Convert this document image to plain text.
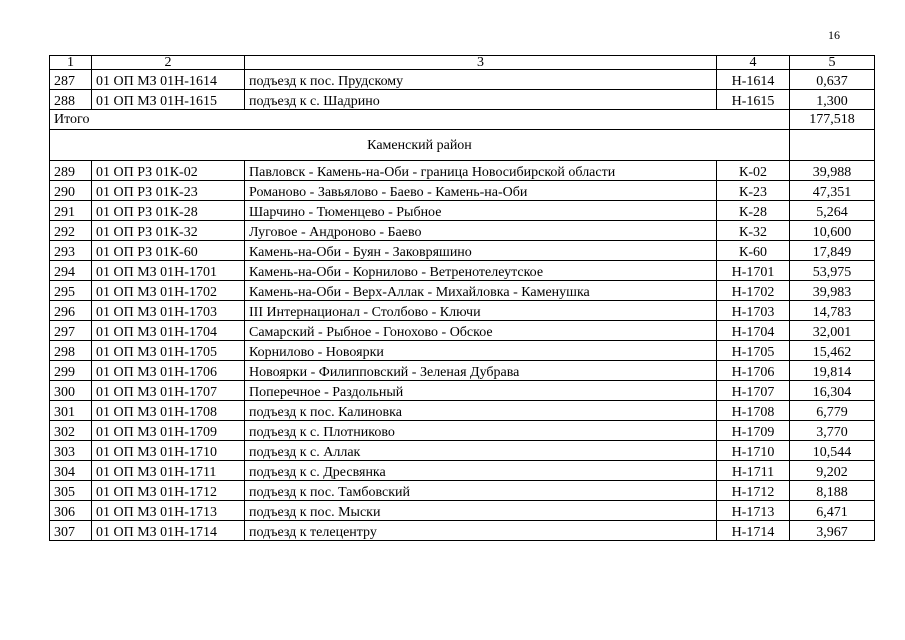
16
1	2	3	4	5
287	01 ОП МЗ 01Н-1614	подъезд к пос. Прудскому	Н-1614	0,637
288	01 ОП МЗ 01Н-1615	подъезд к с. Шадрино	Н-1615	1,300
Итого				177,518
Каменский район				
289	01 ОП РЗ 01К-02	Павловск - Камень-на-Оби - граница Новосибирской области	К-02	39,988
290	01 ОП РЗ 01К-23	Романово - Завьялово - Баево - Камень-на-Оби	К-23	47,351
291	01 ОП РЗ 01К-28	Шарчино - Тюменцево - Рыбное	К-28	5,264
292	01 ОП РЗ 01К-32	Луговое - Андроново - Баево	К-32	10,600
293	01 ОП РЗ 01К-60	Камень-на-Оби - Буян - Заковряшино	К-60	17,849
294	01 ОП МЗ 01Н-1701	Камень-на-Оби - Корнилово - Ветренотелеутское	Н-1701	53,975
295	01 ОП МЗ 01Н-1702	Камень-на-Оби - Верх-Аллак - Михайловка - Каменушка	Н-1702	39,983
296	01 ОП МЗ 01Н-1703	III Интернационал - Столбово - Ключи	Н-1703	14,783
297	01 ОП МЗ 01Н-1704	Самарский - Рыбное - Гонохово - Обское	Н-1704	32,001
298	01 ОП МЗ 01Н-1705	Корнилово - Новоярки	Н-1705	15,462
299	01 ОП МЗ 01Н-1706	Новоярки - Филипповский - Зеленая Дубрава	Н-1706	19,814
300	01 ОП МЗ 01Н-1707	Поперечное - Раздольный	Н-1707	16,304
301	01 ОП МЗ 01Н-1708	подъезд к пос. Калиновка	Н-1708	6,779
302	01 ОП МЗ 01Н-1709	подъезд к с. Плотниково	Н-1709	3,770
303	01 ОП МЗ 01Н-1710	подъезд к с. Аллак	Н-1710	10,544
304	01 ОП МЗ 01Н-1711	подъезд к с. Дресвянка	Н-1711	9,202
305	01 ОП МЗ 01Н-1712	подъезд к пос. Тамбовский	Н-1712	8,188
306	01 ОП МЗ 01Н-1713	подъезд к пос. Мыски	Н-1713	6,471
307	01 ОП МЗ 01Н-1714	подъезд к телецентру	Н-1714	3,967
